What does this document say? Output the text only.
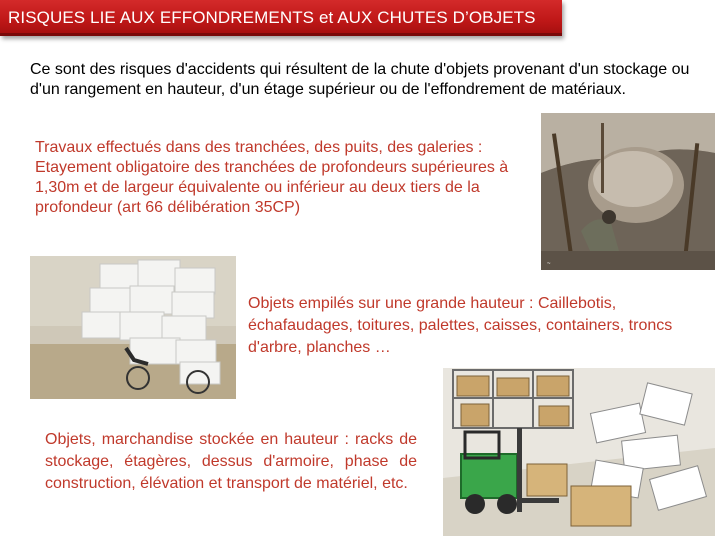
RISQUES LIE AUX EFFONDREMENTS et AUX CHUTES D’OBJETS

Ce sont des risques d'accidents qui résultent de la chute d'objets provenant d'un stockage ou d'un rangement en hauteur, d'un étage supérieur ou de l'effondrement de matériaux.

Travaux effectués dans des tranchées, des puits, des galeries : Etayement obligatoire des tranchées de profondeurs supérieures à 1,30m et de largeur équivalente ou inférieur au deux tiers de la profondeur (art 66 délibération 35CP)

~

Objets empilés sur une grande hauteur : Caillebotis, échafaudages, toitures, palettes, caisses, containers, troncs d'arbre, planches …

Objets, marchandise stockée en hauteur : racks de stockage, étagères, dessus d'armoire, phase de construction, élévation et transport de matériel, etc.
